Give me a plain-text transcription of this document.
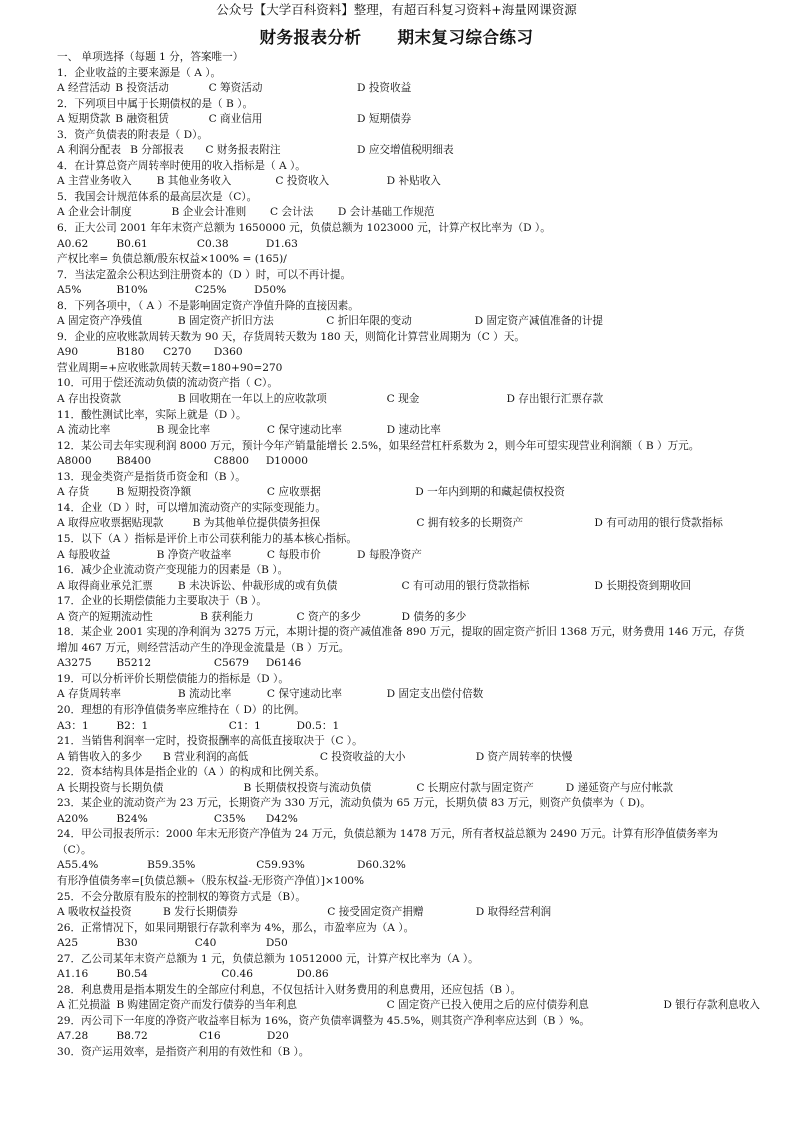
公众号【大学百科资料】整理，有超百科复习资料+海量网课资源
财务报表分析 期末复习综合练习
一、 单项选择（每题 1 分，答案唯一）
1．企业收益的主要来源是（ A ）。
A 经营活动 B 投资活动	C 筹资活动	D 投资收益
2．下列项目中属于长期债权的是（ B ）。
A 短期贷款 B 融资租赁	C 商业信用	D 短期债券
3．资产负债表的附表是（ D）。
A 利润分配表 B 分部报表 C 财务报表附注	D 应交增值税明细表
4．在计算总资产周转率时使用的收入指标是（ A ）。
A 主营业务收入 B 其他业务收入	C 投资收入	D 补贴收入
5．我国会计规范体系的最高层次是（C）。
A 企业会计制度	B 企业会计准则 C 会计法 D 会计基础工作规范
6．正大公司 2001 年年末资产总额为 1650000 元，负债总额为 1023000 元，计算产权比率为（D ）。
A0.62	B0.61	C0.38	D1.63
产权比率= 负债总额/股东权益×100% = (165)/
7．当法定盈余公积达到注册资本的（D ）时，可以不再计提。
A5%	B10%	C25%	D50%
8．下列各项中，（ A ）不是影响固定资产净值升降的直接因素。
A 固定资产净残值	B 固定资产折旧方法	C 折旧年限的变动	D 固定资产减值准备的计提
9．企业的应收账款周转天数为 90 天，存货周转天数为 180 天，则简化计算营业周期为（C ）天。
A90	B180 C270 D360
营业周期=+应收账款周转天数=180+90=270
10．可用于偿还流动负债的流动资产指（ C）。
A 存出投资款	B 回收期在一年以上的应收款项	C 现金	D 存出银行汇票存款
11．酸性测试比率，实际上就是（D ）。
A 流动比率	B 现金比率	C 保守速动比率	D 速动比率
12．某公司去年实现利润 8000 万元，预计今年产销量能增长 2.5%，如果经营杠杆系数为 2，则今年可望实现营业利润额（ B ）万元。
A8000 B8400	C8800 D10000
13．现金类资产是指货币资金和（B ）。
A 存货	B 短期投资净额	C 应收票据	D 一年内到期的和藏起债权投资
14．企业（D ）时，可以增加流动资产的实际变现能力。
A 取得应收票据贴现款	B 为其他单位提供债务担保	C 拥有较多的长期资产	D 有可动用的银行贷款指标
15．以下（A ）指标是评价上市公司获利能力的基本核心指标。
A 每股收益	B 净资产收益率	C 每股市价	D 每股净资产
16．减少企业流动资产变现能力的因素是（B ）。
A 取得商业承兑汇票 B 未决诉讼、仲裁形成的或有负债	C 有可动用的银行贷款指标	D 长期投资到期收回
17．企业的长期偿债能力主要取决于（B ）。
A 资产的短期流动性	B 获利能力	C 资产的多少	D 债务的多少
18．某企业 2001 实现的净利润为 3275 万元，本期计提的资产减值准备 890 万元，提取的固定资产折旧 1368 万元，财务费用 146 万元，存货增加 467 万元，则经营活动产生的净现金流量是（B ）万元。
A3275 B5212	C5679 D6146
19．可以分析评价长期偿债能力的指标是（D ）。
A 存货周转率	B 流动比率	C 保守速动比率	D 固定支出偿付倍数
20．理想的有形净值债务率应维持在（ D）的比例。
A3：1	B2：1	C1：1	D0.5：1
21．当销售利润率一定时，投资报酬率的高低直接取决于（C ）。
A 销售收入的多少 B 营业利润的高低	C 投资收益的大小	D 资产周转率的快慢
22．资本结构具体是指企业的（A ）的构成和比例关系。
A 长期投资与长期负债	B 长期债权投资与流动负债	C 长期应付款与固定资产	D 递延资产与应付帐款
23．某企业的流动资产为 23 万元，长期资产为 330 万元，流动负债为 65 万元，长期负债 83 万元，则资产负债率为（ D)。
A20%	B24%	C35% D42%
24．甲公司报表所示：2000 年末无形资产净值为 24 万元，负债总额为 1478 万元，所有者权益总额为 2490 万元。计算有形净值债务率为（C）。
A55.4%	B59.35%	C59.93%	D60.32%
有形净值债务率=[负债总额÷（股东权益-无形资产净值）]×100%
25．不会分散原有股东的控制权的筹资方式是（B）。
A 吸收权益投资	B 发行长期债券	C 接受固定资产捐赠	D 取得经营利润
26．正常情况下，如果同期银行存款利率为 4%，那么，市盈率应为（A ）。
A25	B30	C40	D50
27．乙公司某年末资产总额为 1 元，负债总额为 10512000 元，计算产权比率为（A ）。
A1.16	B0.54	C0.46	D0.86
28．利息费用是指本期发生的全部应付利息，不仅包括计入财务费用的利息费用，还应包括（B ）。
A 汇兑损溢 B 购建固定资产而发行债券的当年利息	C 固定资产已投入使用之后的应付债券利息	D 银行存款利息收入
29．丙公司下一年度的净资产收益率目标为 16%，资产负债率调整为 45.5%，则其资产净利率应达到（B ）%。
A7.28	B8.72	C16	D20
30．资产运用效率，是指资产利用的有效性和（B ）。
